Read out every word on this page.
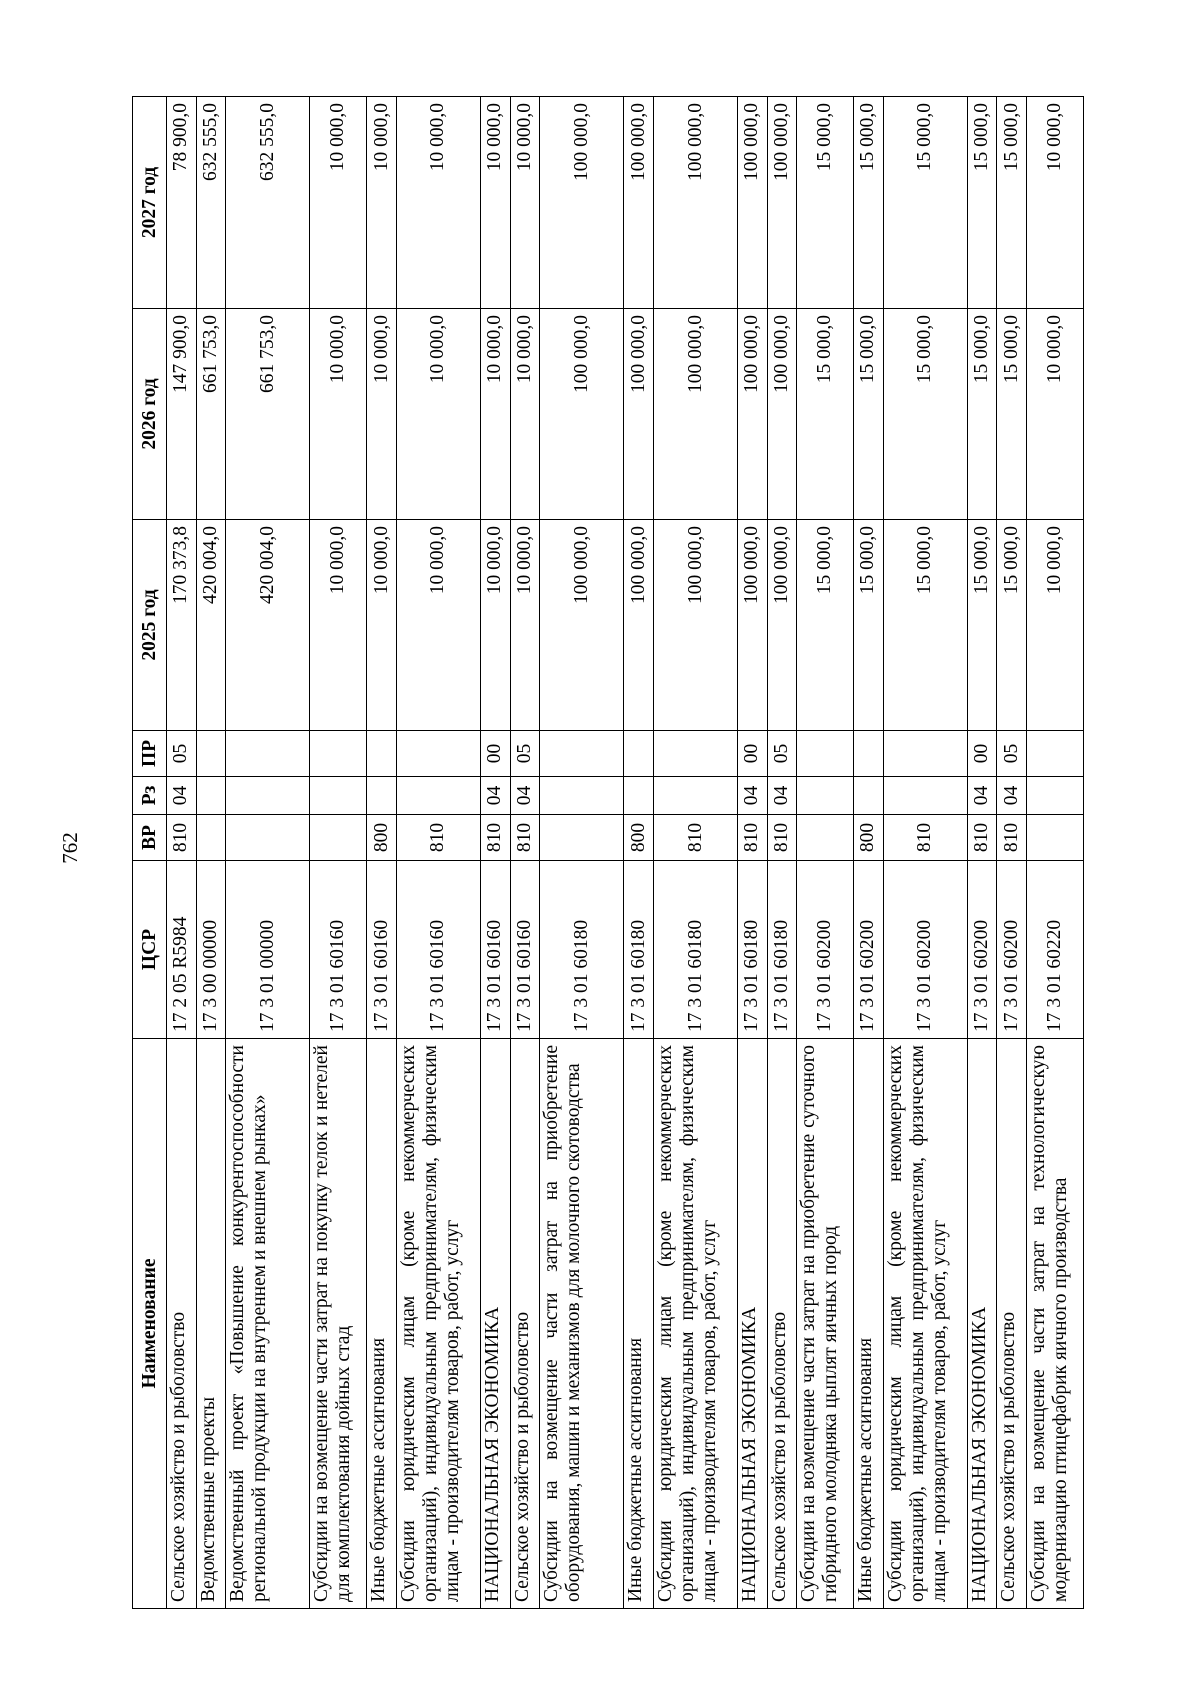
762
Наименование	ЦСР	ВР	Рз	ПР	2025 год	2026 год	2027 год
Сельское хозяйство и рыболовство	17 2 05 R5984	810	04	05	170 373,8	147 900,0	78 900,0
Ведомственные проекты	17 3 00 00000				420 004,0	661 753,0	632 555,0
Ведомственный проект «Повышение конкурентоспособности региональной продукции на внутреннем и внешнем рынках»	17 3 01 00000				420 004,0	661 753,0	632 555,0
Субсидии на возмещение части затрат на покупку телок и нетелей для комплектования дойных стад	17 3 01 60160				10 000,0	10 000,0	10 000,0
Иные бюджетные ассигнования	17 3 01 60160	800			10 000,0	10 000,0	10 000,0
Субсидии юридическим лицам (кроме некоммерческих организаций), индивидуальным предпринимателям, физическим лицам - производителям товаров, работ, услуг	17 3 01 60160	810			10 000,0	10 000,0	10 000,0
НАЦИОНАЛЬНАЯ ЭКОНОМИКА	17 3 01 60160	810	04	00	10 000,0	10 000,0	10 000,0
Сельское хозяйство и рыболовство	17 3 01 60160	810	04	05	10 000,0	10 000,0	10 000,0
Субсидии на возмещение части затрат на приобретение оборудования, машин и механизмов для молочного скотоводства	17 3 01 60180				100 000,0	100 000,0	100 000,0
Иные бюджетные ассигнования	17 3 01 60180	800			100 000,0	100 000,0	100 000,0
Субсидии юридическим лицам (кроме некоммерческих организаций), индивидуальным предпринимателям, физическим лицам - производителям товаров, работ, услуг	17 3 01 60180	810			100 000,0	100 000,0	100 000,0
НАЦИОНАЛЬНАЯ ЭКОНОМИКА	17 3 01 60180	810	04	00	100 000,0	100 000,0	100 000,0
Сельское хозяйство и рыболовство	17 3 01 60180	810	04	05	100 000,0	100 000,0	100 000,0
Субсидии на возмещение части затрат на приобретение суточного гибридного молодняка цыплят яичных пород	17 3 01 60200				15 000,0	15 000,0	15 000,0
Иные бюджетные ассигнования	17 3 01 60200	800			15 000,0	15 000,0	15 000,0
Субсидии юридическим лицам (кроме некоммерческих организаций), индивидуальным предпринимателям, физическим лицам - производителям товаров, работ, услуг	17 3 01 60200	810			15 000,0	15 000,0	15 000,0
НАЦИОНАЛЬНАЯ ЭКОНОМИКА	17 3 01 60200	810	04	00	15 000,0	15 000,0	15 000,0
Сельское хозяйство и рыболовство	17 3 01 60200	810	04	05	15 000,0	15 000,0	15 000,0
Субсидии на возмещение части затрат на технологическую модернизацию птицефабрик яичного производства	17 3 01 60220				10 000,0	10 000,0	10 000,0
